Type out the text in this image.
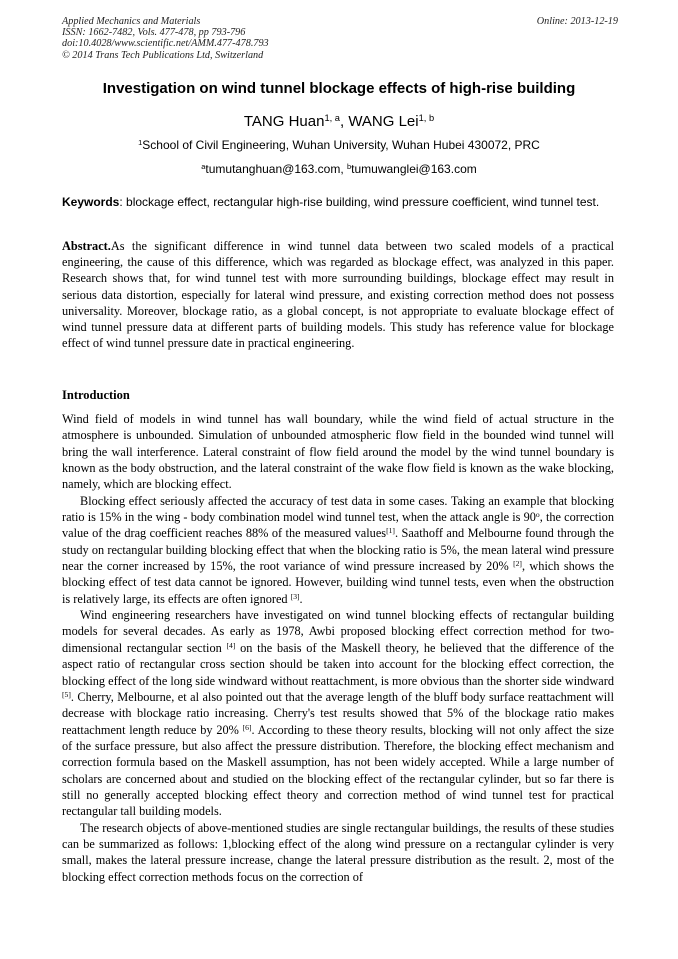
Applied Mechanics and Materials
ISSN: 1662-7482, Vols. 477-478, pp 793-796
doi:10.4028/www.scientific.net/AMM.477-478.793
© 2014 Trans Tech Publications Ltd, Switzerland
Online: 2013-12-19
Investigation on wind tunnel blockage effects of high-rise building
TANG Huan$^{1, a}$, WANG Lei$^{1, b}$
$^1$School of Civil Engineering, Wuhan University, Wuhan Hubei 430072, PRC
$^a$tumutanghuan@163.com, $^b$tumuwanglei@163.com
Keywords: blockage effect, rectangular high-rise building, wind pressure coefficient, wind tunnel test.
Abstract.As the significant difference in wind tunnel data between two scaled models of a practical engineering, the cause of this difference, which was regarded as blockage effect, was analyzed in this paper. Research shows that, for wind tunnel test with more surrounding buildings, blockage effect may result in serious data distortion, especially for lateral wind pressure, and existing correction method does not possess universality. Moreover, blockage ratio, as a global concept, is not appropriate to evaluate blockage effect of wind tunnel pressure data at different parts of building models. This study has reference value for blockage effect of wind tunnel pressure date in practical engineering.
Introduction

Wind field of models in wind tunnel has wall boundary, while the wind field of actual structure in the atmosphere is unbounded. Simulation of unbounded atmospheric flow field in the bounded wind tunnel will bring the wall interference. Lateral constraint of flow field around the model by the wind tunnel boundary is known as the body obstruction, and the lateral constraint of the wake flow field is known as the wake blocking, namely, which are blocking effect.

Blocking effect seriously affected the accuracy of test data in some cases. Taking an example that blocking ratio is 15% in the wing - body combination model wind tunnel test, when the attack angle is 90$^o$, the correction value of the drag coefficient reaches 88% of the measured values[1]. Saathoff and Melbourne found through the study on rectangular building blocking effect that when the blocking ratio is 5%, the mean lateral wind pressure near the corner increased by 15%, the root variance of wind pressure increased by 20% [2], which shows the blocking effect of test data cannot be ignored. However, building wind tunnel tests, even when the obstruction is relatively large, its effects are often ignored [3].

Wind engineering researchers have investigated on wind tunnel blocking effects of rectangular building models for several decades. As early as 1978, Awbi proposed blocking effect correction method for two-dimensional rectangular section [4] on the basis of the Maskell theory, he believed that the difference of the aspect ratio of rectangular cross section should be taken into account for the blocking effect correction, the blocking effect of the long side windward without reattachment, is more obvious than the shorter side windward [5]. Cherry, Melbourne, et al also pointed out that the average length of the bluff body surface reattachment will decrease with blockage ratio increasing. Cherry's test results showed that 5% of the blockage ratio makes reattachment length reduce by 20% [6]. According to these theory results, blocking will not only affect the size of the surface pressure, but also affect the pressure distribution. Therefore, the blocking effect mechanism and correction formula based on the Maskell assumption, has not been widely accepted. While a large number of scholars are concerned about and studied on the blocking effect of the rectangular cylinder, but so far there is still no generally accepted blocking effect theory and correction method of wind tunnel test for practical rectangular tall building models.

The research objects of above-mentioned studies are single rectangular buildings, the results of these studies can be summarized as follows: 1,blocking effect of the along wind pressure on a rectangular cylinder is very small, makes the lateral pressure increase, change the lateral pressure distribution as the result. 2, most of the blocking effect correction methods focus on the correction of
